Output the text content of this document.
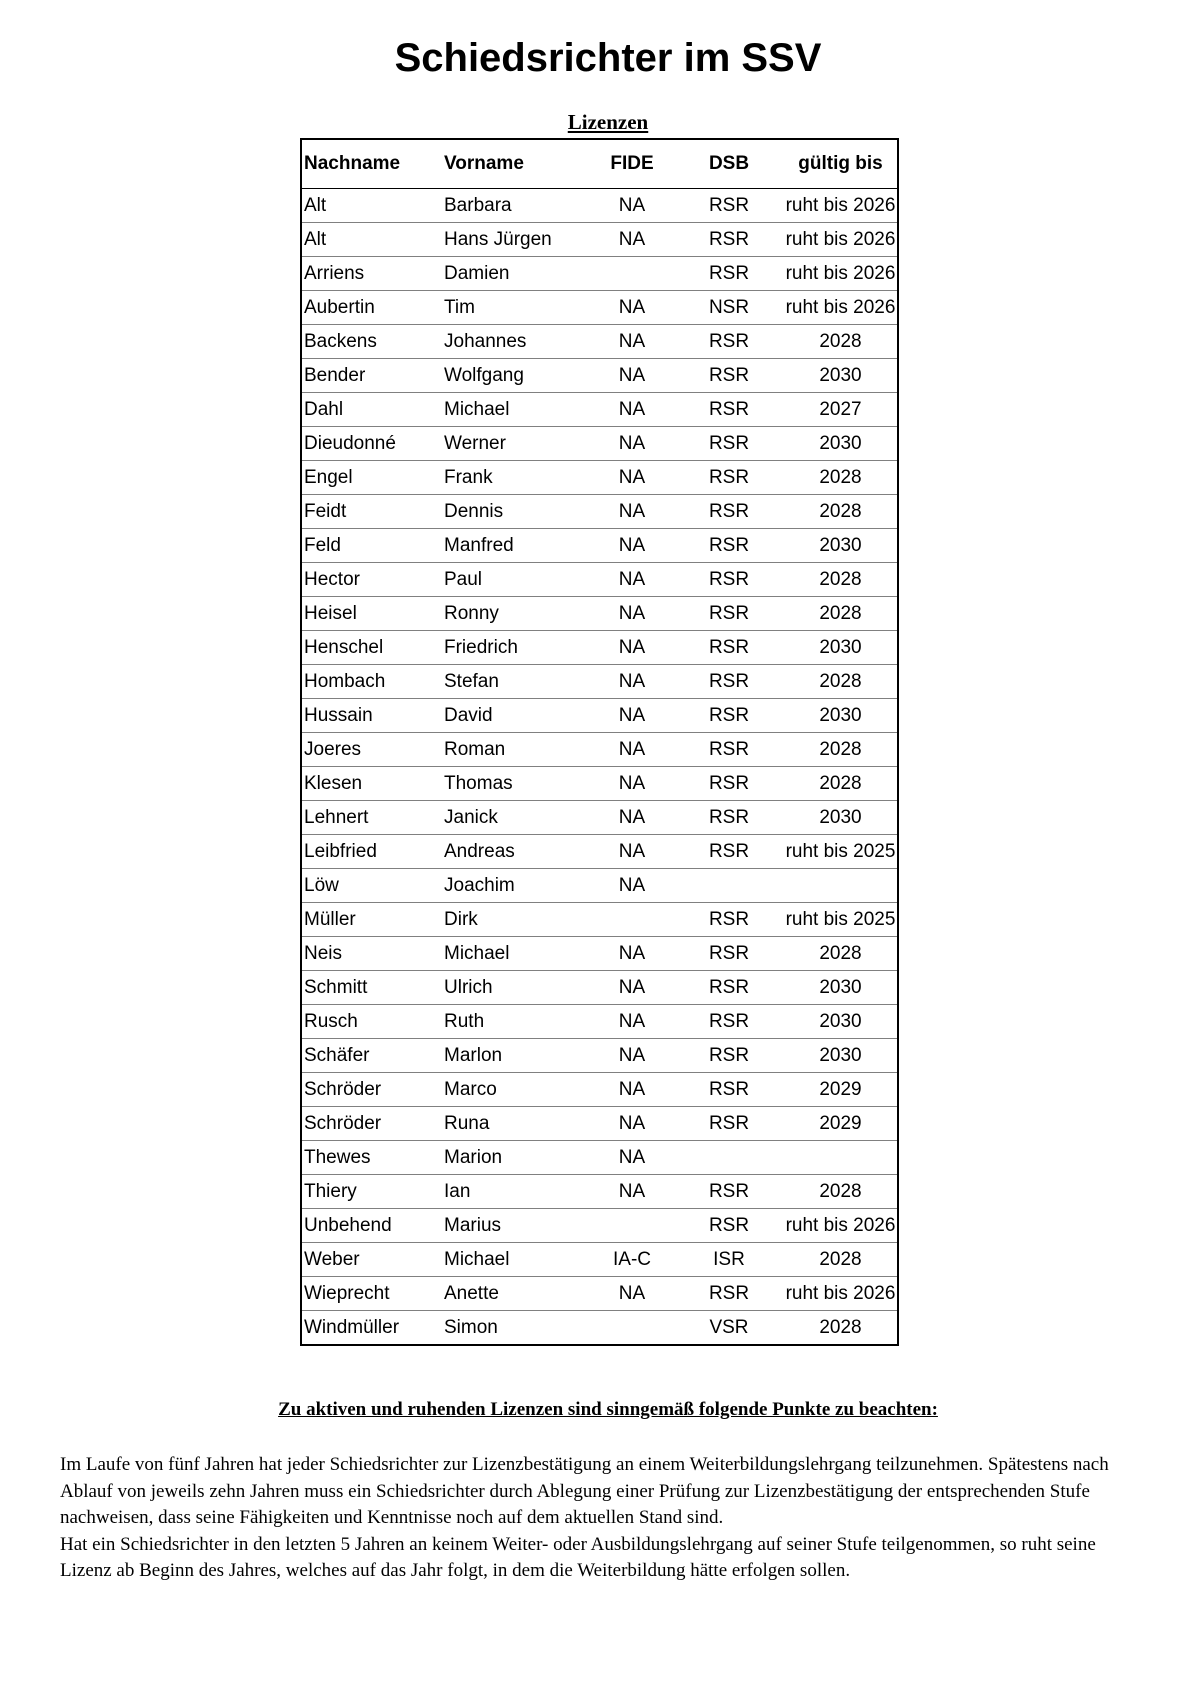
Schiedsrichter im SSV
Lizenzen
Nachname	Vorname	FIDE	DSB	gültig bis
Alt	Barbara	NA	RSR	ruht bis 2026
Alt	Hans Jürgen	NA	RSR	ruht bis 2026
Arriens	Damien		RSR	ruht bis 2026
Aubertin	Tim	NA	NSR	ruht bis 2026
Backens	Johannes	NA	RSR	2028
Bender	Wolfgang	NA	RSR	2030
Dahl	Michael	NA	RSR	2027
Dieudonné	Werner	NA	RSR	2030
Engel	Frank	NA	RSR	2028
Feidt	Dennis	NA	RSR	2028
Feld	Manfred	NA	RSR	2030
Hector	Paul	NA	RSR	2028
Heisel	Ronny	NA	RSR	2028
Henschel	Friedrich	NA	RSR	2030
Hombach	Stefan	NA	RSR	2028
Hussain	David	NA	RSR	2030
Joeres	Roman	NA	RSR	2028
Klesen	Thomas	NA	RSR	2028
Lehnert	Janick	NA	RSR	2030
Leibfried	Andreas	NA	RSR	ruht bis 2025
Löw	Joachim	NA		
Müller	Dirk		RSR	ruht bis 2025
Neis	Michael	NA	RSR	2028
Schmitt	Ulrich	NA	RSR	2030
Rusch	Ruth	NA	RSR	2030
Schäfer	Marlon	NA	RSR	2030
Schröder	Marco	NA	RSR	2029
Schröder	Runa	NA	RSR	2029
Thewes	Marion	NA		
Thiery	Ian	NA	RSR	2028
Unbehend	Marius		RSR	ruht bis 2026
Weber	Michael	IA-C	ISR	2028
Wieprecht	Anette	NA	RSR	ruht bis 2026
Windmüller	Simon		VSR	2028
Zu aktiven und ruhenden Lizenzen sind sinngemäß folgende Punkte zu beachten:

Im Laufe von fünf Jahren hat jeder Schiedsrichter zur Lizenzbestätigung an einem Weiterbildungslehrgang teilzunehmen. Spätestens nach Ablauf von jeweils zehn Jahren muss ein Schiedsrichter durch Ablegung einer Prüfung zur Lizenzbestätigung der entsprechenden Stufe nachweisen, dass seine Fähigkeiten und Kenntnisse noch auf dem aktuellen Stand sind.

Hat ein Schiedsrichter in den letzten 5 Jahren an keinem Weiter- oder Ausbildungslehrgang auf seiner Stufe teilgenommen, so ruht seine Lizenz ab Beginn des Jahres, welches auf das Jahr folgt, in dem die Weiterbildung hätte erfolgen sollen.
